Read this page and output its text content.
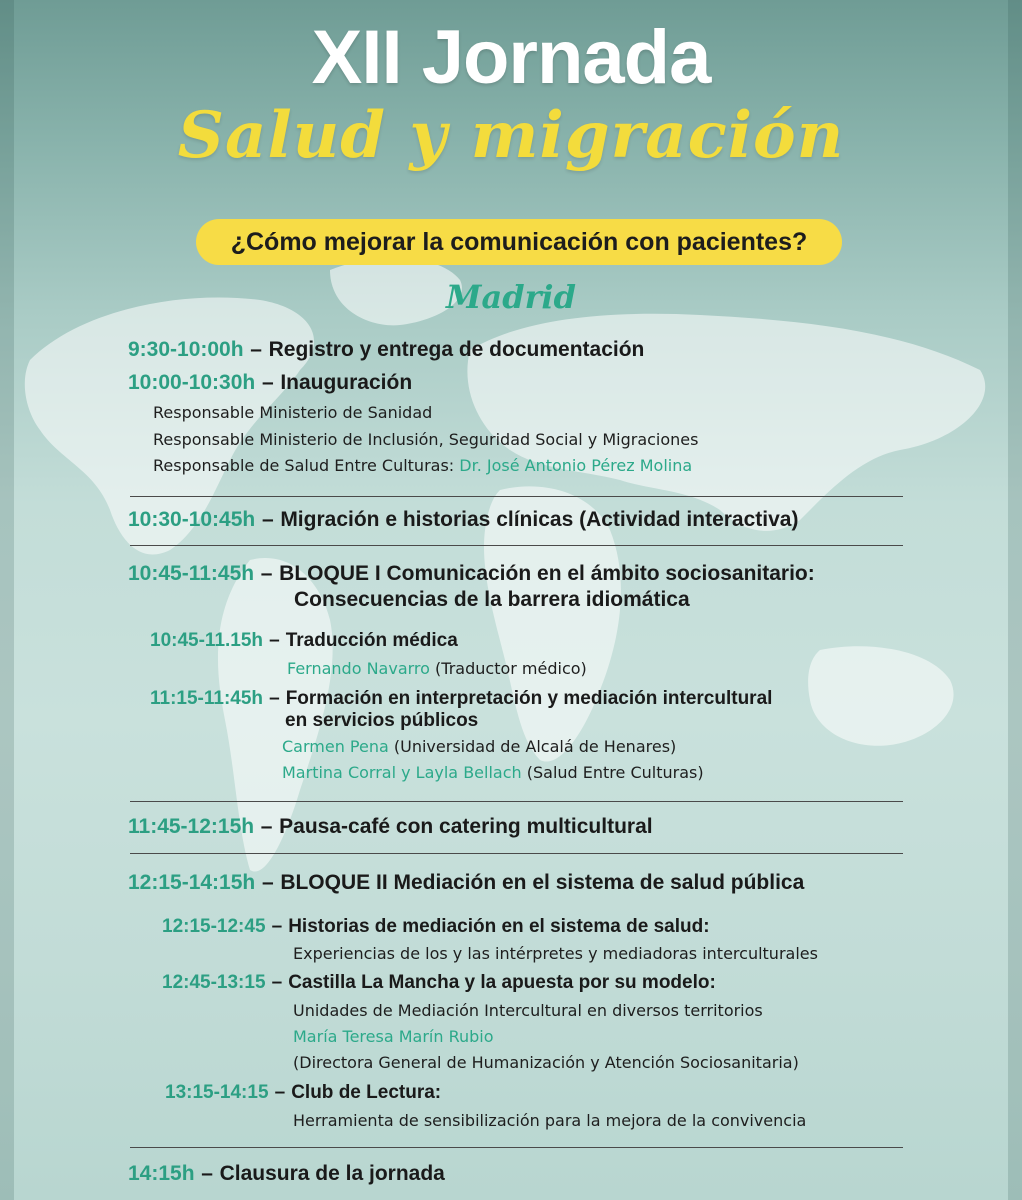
XII Jornada
Salud y migración
¿Cómo mejorar la comunicación con pacientes?
Madrid
9:30-10:00h – Registro y entrega de documentación
10:00-10:30h – Inauguración
Responsable Ministerio de Sanidad
Responsable Ministerio de Inclusión, Seguridad Social y Migraciones
Responsable de Salud Entre Culturas: Dr. José Antonio Pérez Molina
10:30-10:45h – Migración e historias clínicas (Actividad interactiva)
10:45-11:45h – BLOQUE I Comunicación en el ámbito sociosanitario:
Consecuencias de la barrera idiomática
10:45-11.15h – Traducción médica
Fernando Navarro (Traductor médico)
11:15-11:45h – Formación en interpretación y mediación intercultural
en servicios públicos
Carmen Pena (Universidad de Alcalá de Henares)
Martina Corral y Layla Bellach (Salud Entre Culturas)
11:45-12:15h – Pausa-café con catering multicultural
12:15-14:15h – BLOQUE II Mediación en el sistema de salud pública
12:15-12:45 – Historias de mediación en el sistema de salud:
Experiencias de los y las intérpretes y mediadoras interculturales
12:45-13:15 – Castilla La Mancha y la apuesta por su modelo:
Unidades de Mediación Intercultural en diversos territorios
María Teresa Marín Rubio
(Directora General de Humanización y Atención Sociosanitaria)
13:15-14:15 – Club de Lectura:
Herramienta de sensibilización para la mejora de la convivencia
14:15h – Clausura de la jornada
